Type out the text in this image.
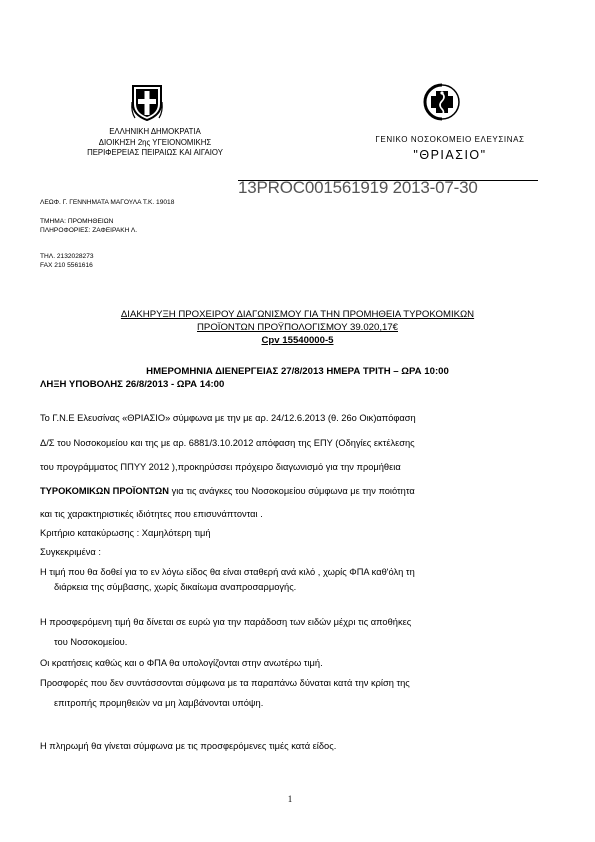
ΕΛΛΗΝΙΚΗ ΔΗΜΟΚΡΑΤΙΑ
ΔΙΟΙΚΗΣΗ 2ης ΥΓΕΙΟΝΟΜΙΚΗΣ
ΠΕΡΙΦΕΡΕΙΑΣ ΠΕΙΡΑΙΩΣ ΚΑΙ ΑΙΓΑΙΟΥ
ΓΕΝΙΚΟ ΝΟΣΟΚΟΜΕΙΟ ΕΛΕΥΣΙΝΑΣ
"ΘΡΙΑΣΙΟ"
13PROC001561919 2013-07-30
ΛΕΩΦ. Γ. ΓΕΝΝΗΜΑΤΑ ΜΑΓΟΥΛΑ Τ.Κ. 19018
ΤΜΗΜΑ: ΠΡΟΜΗΘΕΙΩΝ
ΠΛΗΡΟΦΟΡΙΕΣ: ΖΑΦΕΙΡΑΚΗ Λ.
ΤΗΛ. 2132028273
FAX 210 5561616
ΔΙΑΚΗΡΥΞΗ ΠΡΟΧΕΙΡΟΥ ΔΙΑΓΩΝΙΣΜΟΥ ΓΙΑ ΤΗΝ ΠΡΟΜΗΘΕΙΑ ΤΥΡΟΚΟΜΙΚΩΝ
ΠΡΟΪΟΝΤΩΝ ΠΡΟΫΠΟΛΟΓΙΣΜΟΥ 39.020,17€
Cpv 15540000-5
ΗΜΕΡΟΜΗΝΙΑ ΔΙΕΝΕΡΓΕΙΑΣ 27/8/2013 ΗΜΕΡΑ ΤΡΙΤΗ – ΩΡΑ 10:00
ΛΗΞΗ ΥΠΟΒΟΛΗΣ 26/8/2013 - ΩΡΑ 14:00
Το Γ.Ν.Ε Ελευσίνας «ΘΡΙΑΣΙΟ» σύμφωνα με την με αρ. 24/12.6.2013 (θ. 26ο Οικ)απόφαση
Δ/Σ του Νοσοκομείου και της με αρ. 6881/3.10.2012 απόφαση της ΕΠΥ (Οδηγίες εκτέλεσης
του προγράμματος ΠΠΥΥ 2012 ),προκηρύσσει πρόχειρο διαγωνισμό για την προμήθεια
ΤΥΡΟΚΟΜΙΚΩΝ ΠΡΟΪΟΝΤΩΝ για τις ανάγκες του Νοσοκομείου σύμφωνα με την ποιότητα
και τις χαρακτηριστικές ιδιότητες που επισυνάπτονται .
Κριτήριο κατακύρωσης : Χαμηλότερη τιμή
Συγκεκριμένα :
Η τιμή που θα δοθεί για το εν λόγω είδος θα είναι σταθερή ανά κιλό , χωρίς ΦΠΑ καθ'όλη τη
διάρκεια της σύμβασης, χωρίς δικαίωμα αναπροσαρμογής.
Η προσφερόμενη τιμή θα δίνεται σε ευρώ για την παράδοση των ειδών μέχρι τις αποθήκες
του Νοσοκομείου.
Οι κρατήσεις καθώς και ο ΦΠΑ θα υπολογίζονται στην ανωτέρω τιμή.
Προσφορές που δεν συντάσσονται σύμφωνα με τα παραπάνω δύναται κατά την κρίση της
επιτροπής προμηθειών να μη λαμβάνονται υπόψη.
Η πληρωμή θα γίνεται σύμφωνα με τις προσφερόμενες τιμές κατά είδος.
1
